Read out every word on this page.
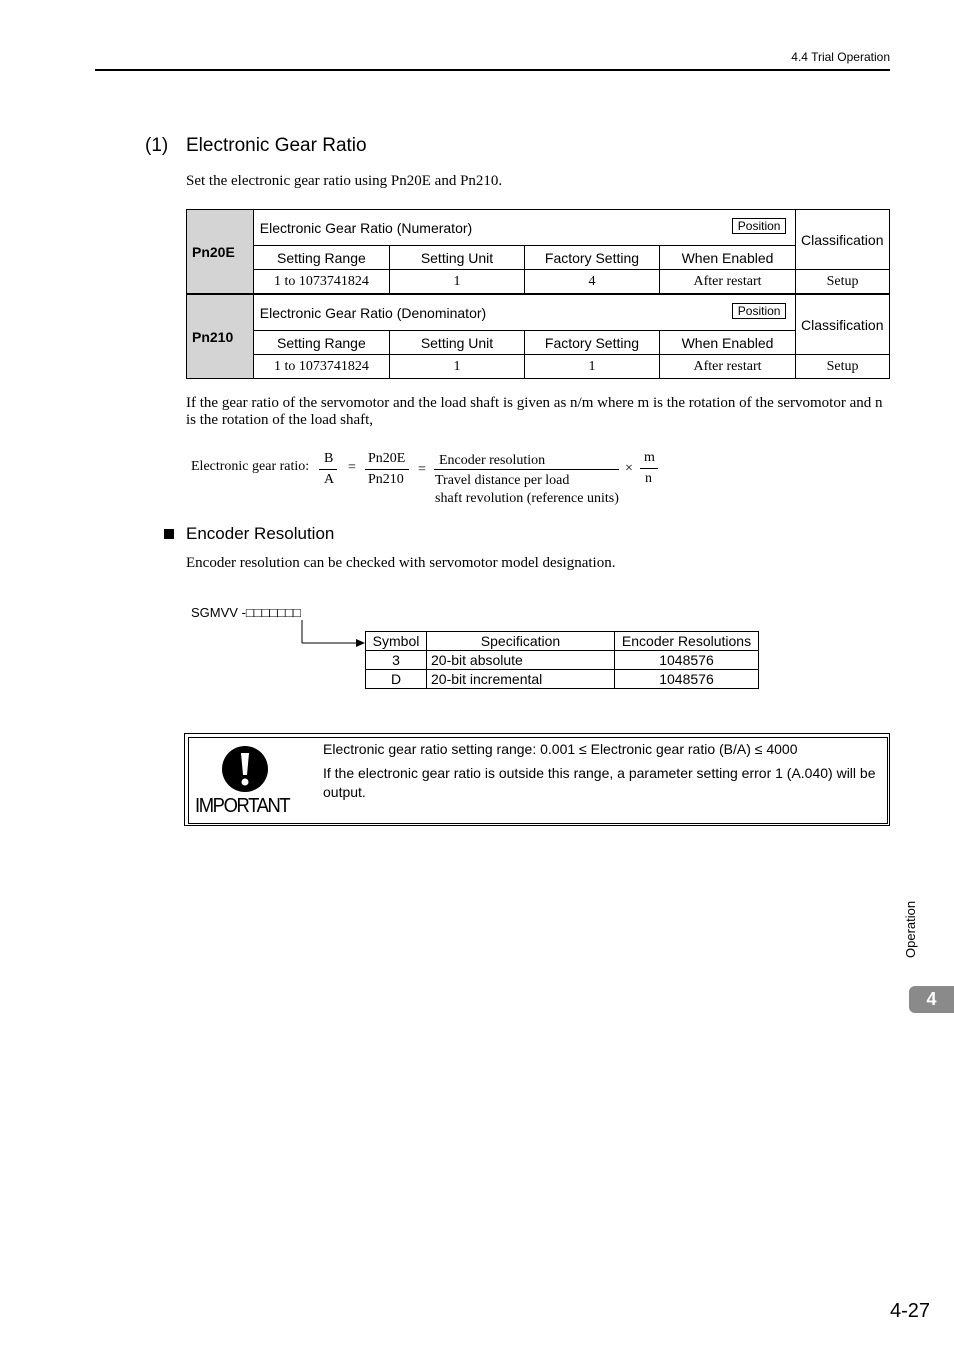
4.4 Trial Operation
(1) Electronic Gear Ratio
Set the electronic gear ratio using Pn20E and Pn210.
Pn20E	Electronic Gear Ratio (Numerator) Position				Classification
	Setting Range	Setting Unit	Factory Setting	When Enabled	
	1 to 1073741824	1	4	After restart	Setup
Pn210	Electronic Gear Ratio (Denominator) Position				Classification
	Setting Range	Setting Unit	Factory Setting	When Enabled	
	1 to 1073741824	1	1	After restart	Setup
If the gear ratio of the servomotor and the load shaft is given as n/m where m is the rotation of the servomotor and n is the rotation of the load shaft,
Electronic gear ratio:
B
A
=
Pn20E
Pn210
=
Encoder resolution
Travel distance per load
shaft revolution (reference units)
×
m
n
Encoder Resolution
Encoder resolution can be checked with servomotor model designation.
SGMVV -□□□□□□□
Symbol	Specification	Encoder Resolutions
3	20-bit absolute	1048576
D	20-bit incremental	1048576
IMPORTANT
Electronic gear ratio setting range: 0.001 ≤ Electronic gear ratio (B/A) ≤ 4000
If the electronic gear ratio is outside this range, a parameter setting error 1 (A.040) will be output.
Operation
4
4-27
